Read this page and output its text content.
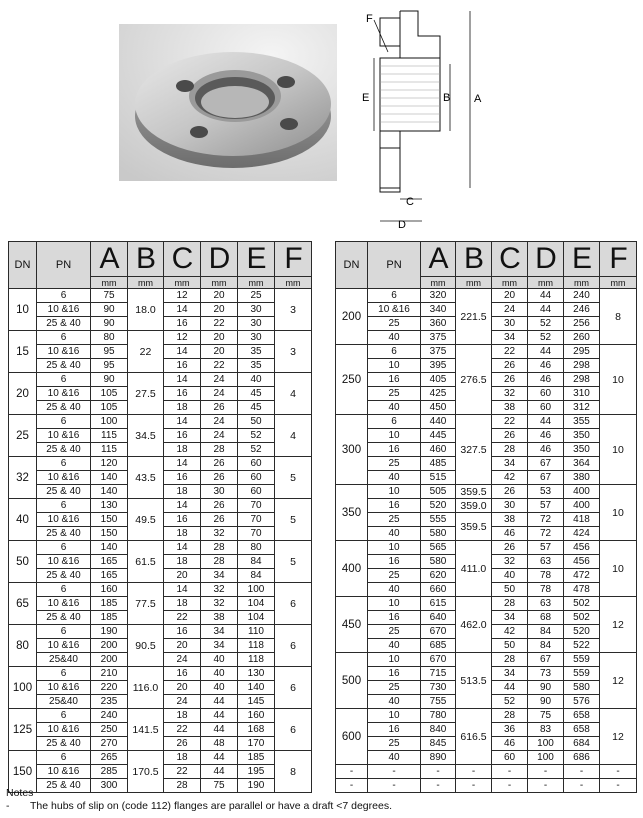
F
E	B A
C
D
DN	PN	A	B	C	D	E	F
		mm	mm	mm	mm	mm	mm
10	6	75	18.0	12	20	25	3
	10 &16	90		14	20	30	
	25 & 40	90		16	22	30	
15	6	80	22	12	20	30	3
	10 &16	95		14	20	35	
	25 & 40	95		16	22	35	
20	6	90	27.5	14	24	40	4
	10 &16	105		16	24	45	
	25 & 40	105		18	26	45	
25	6	100	34.5	14	24	50	4
	10 &16	115		16	24	52	
	25 & 40	115		18	28	52	
32	6	120	43.5	14	26	60	5
	10 &16	140		16	26	60	
	25 & 40	140		18	30	60	
40	6	130	49.5	14	26	70	5
	10 &16	150		16	26	70	
	25 & 40	150		18	32	70	
50	6	140	61.5	14	28	80	5
	10 &16	165		18	28	84	
	25 & 40	165		20	34	84	
65	6	160	77.5	14	32	100	6
	10 &16	185		18	32	104	
	25 & 40	185		22	38	104	
80	6	190	90.5	16	34	110	6
	10 &16	200		20	34	118	
	25&40	200		24	40	118	
100	6	210	116.0	16	40	130	6
	10 &16	220		20	40	140	
	25&40	235		24	44	145	
125	6	240	141.5	18	44	160	6
	10 &16	250		22	44	168	
	25 & 40	270		26	48	170	
150	6	265	170.5	18	44	185	8
	10 &16	285		22	44	195	
	25 & 40	300		28	75	190	
DN	PN	A	B	C	D	E	F
		mm	mm	mm	mm	mm	mm
200	6	320	221.5	20	44	240	8
	10 &16	340		24	44	246	
	25	360		30	52	256	
	40	375		34	52	260	
250	6	375	276.5	22	44	295	10
	10	395		26	46	298	
	16	405		26	46	298	
	25	425		32	60	310	
	40	450		38	60	312	
300	6	440	327.5	22	44	355	10
	10	445		26	46	350	
	16	460		28	46	350	
	25	485		34	67	364	
	40	515		42	67	380	
350	10	505	359.5	26	53	400	10
	16	520	359.0	30	57	400	
	25	555	359.5	38	72	418	
	40	580		46	72	424	
400	10	565	411.0	26	57	456	10
	16	580		32	63	456	
	25	620		40	78	472	
	40	660		50	78	478	
450	10	615	462.0	28	63	502	12
	16	640		34	68	502	
	25	670		42	84	520	
	40	685		50	84	522	
500	10	670	513.5	28	67	559	12
	16	715		34	73	559	
	25	730		44	90	580	
	40	755		52	90	576	
600	10	780	616.5	28	75	658	12
	16	840		36	83	658	
	25	845		46	100	684	
	40	890		60	100	686	
-	-	-	-	-	-	-	-
-	-	-	-	-	-	-	-
Notes
- The hubs of slip on (code 112) flanges are parallel or have a draft <7 degrees.
